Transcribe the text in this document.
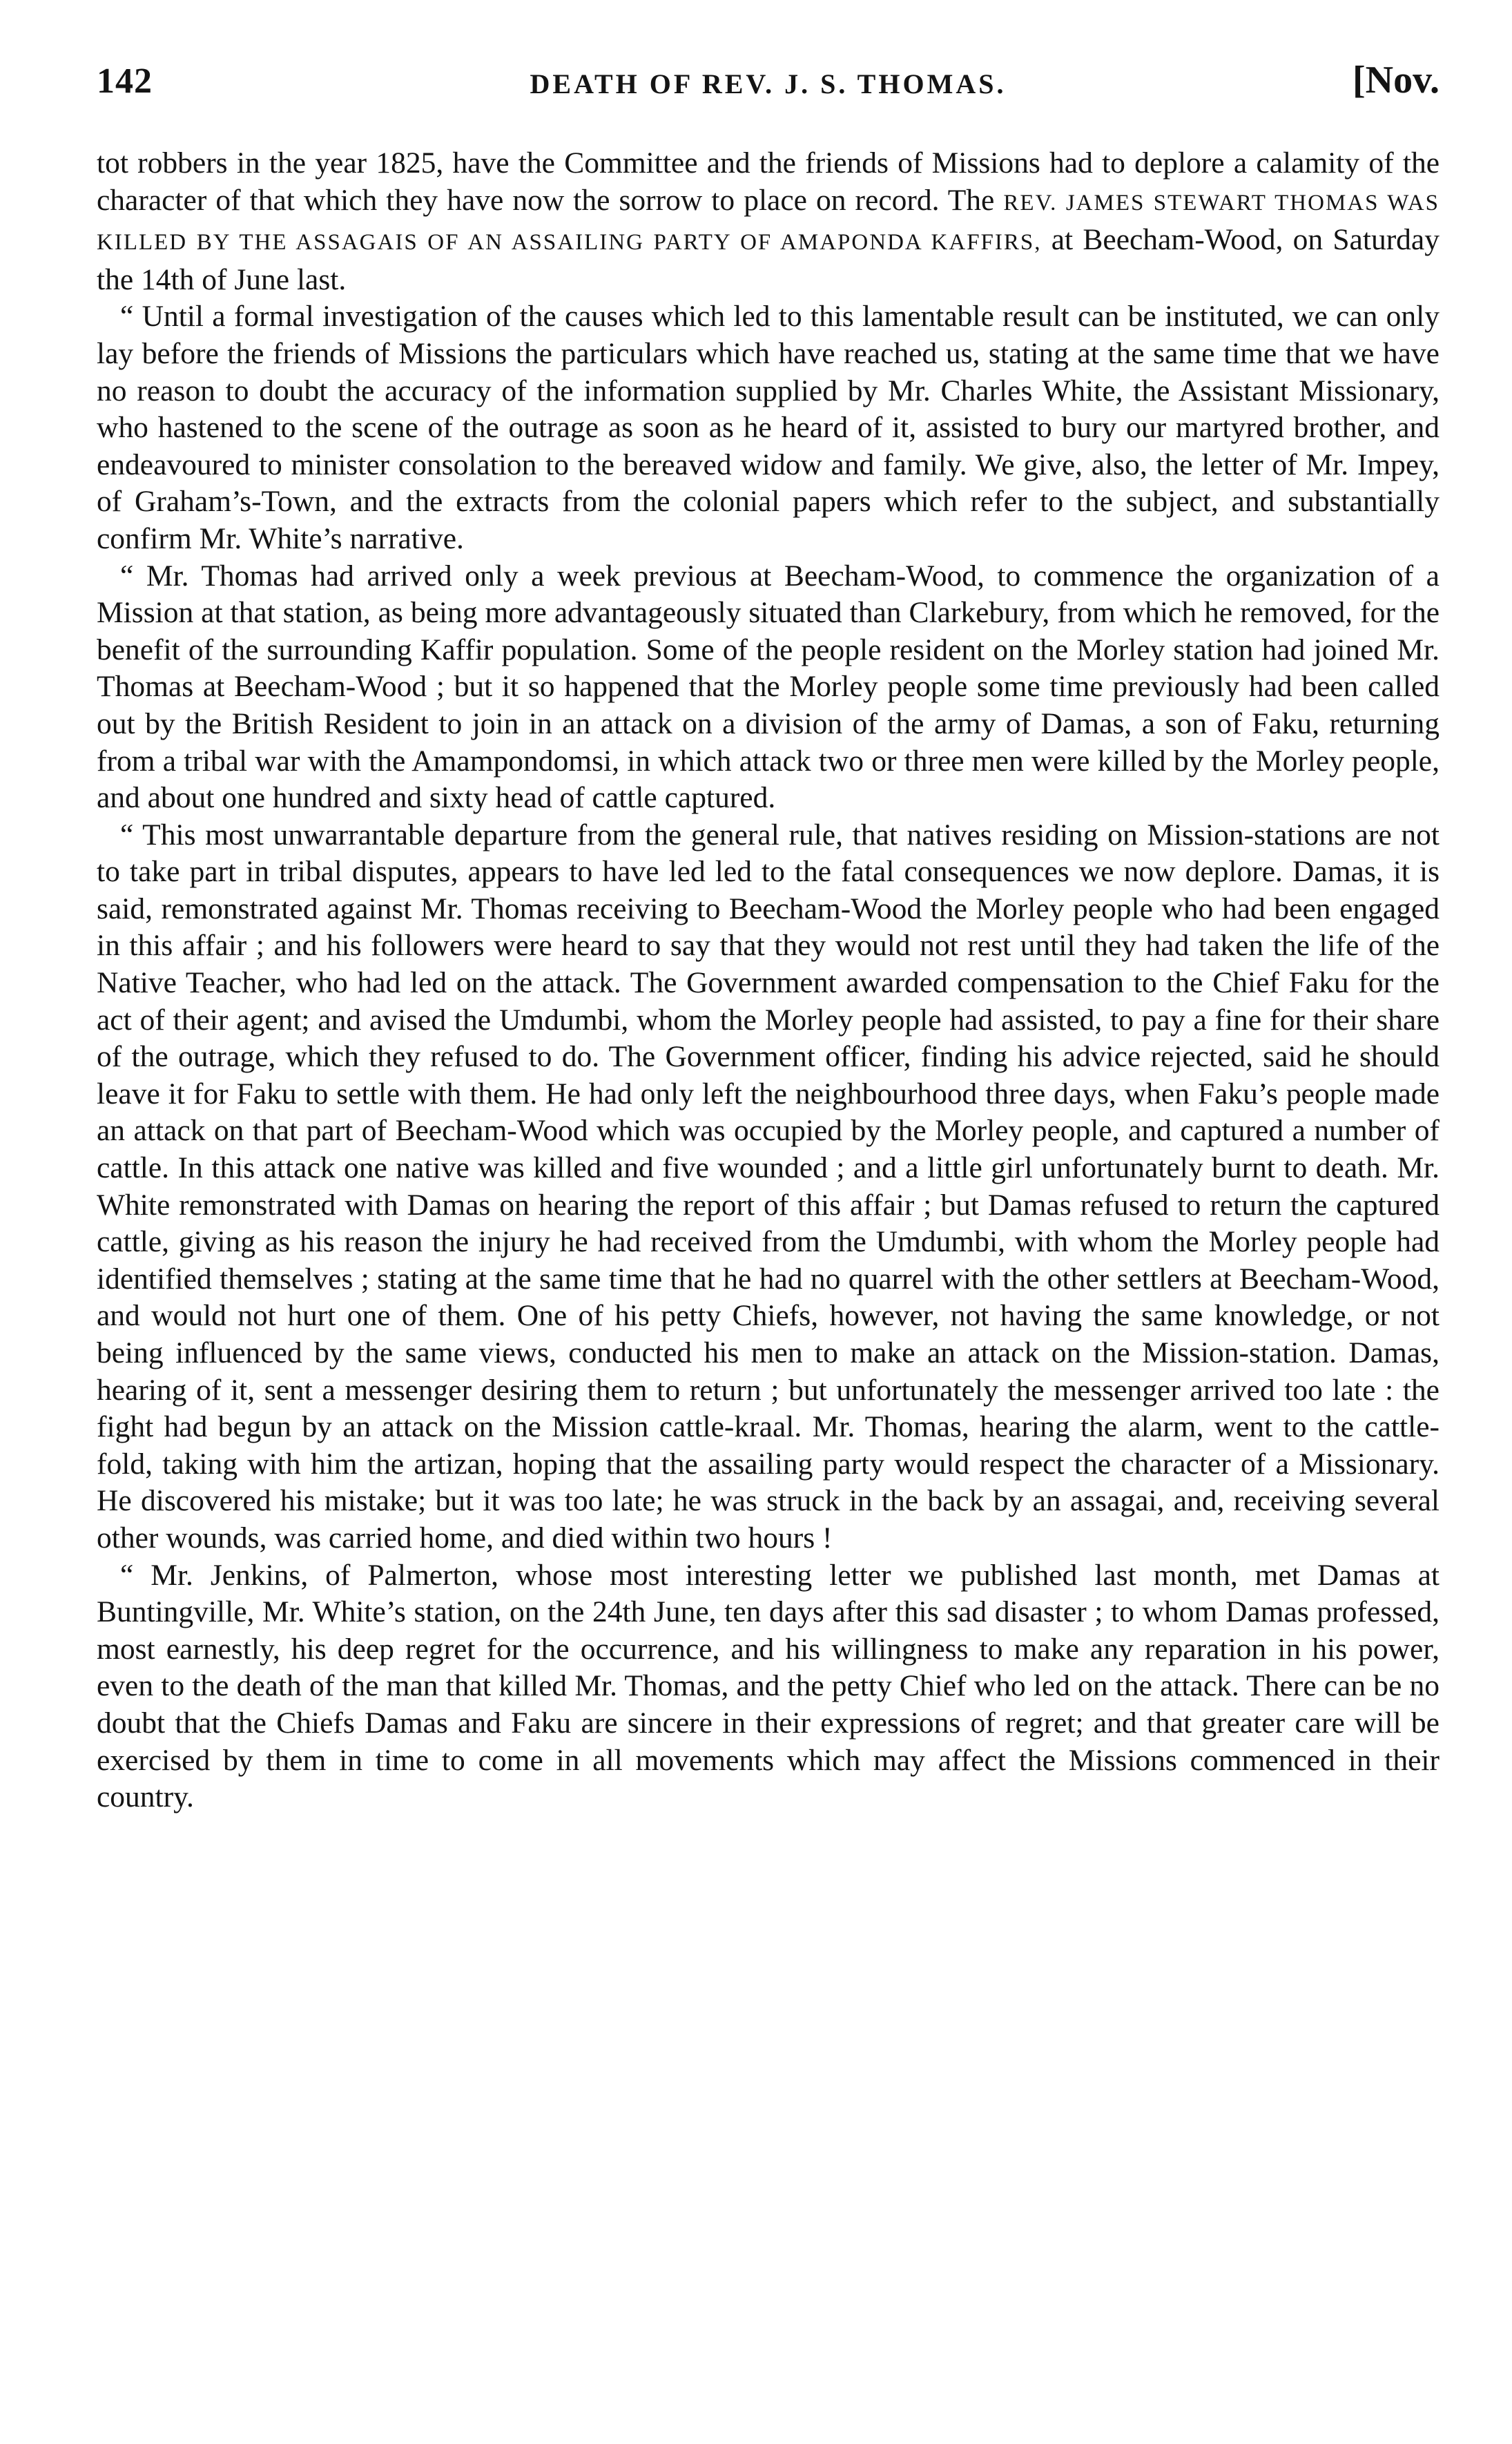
142	DEATH OF REV. J. S. THOMAS.	[Nov.

tot robbers in the year 1825, have the Committee and the friends of Missions had to deplore a calamity of the character of that which they have now the sorrow to place on record. The REV. JAMES STEWART THOMAS WAS KILLED BY THE ASSAGAIS OF AN ASSAILING PARTY OF AMAPONDA KAFFIRS, at Beecham-Wood, on Saturday the 14th of June last.

“ Until a formal investigation of the causes which led to this lamentable result can be instituted, we can only lay before the friends of Missions the particulars which have reached us, stating at the same time that we have no reason to doubt the accuracy of the information supplied by Mr. Charles White, the Assistant Missionary, who hastened to the scene of the outrage as soon as he heard of it, assisted to bury our martyred brother, and endeavoured to minister consolation to the bereaved widow and family. We give, also, the letter of Mr. Impey, of Graham’s-Town, and the extracts from the colonial papers which refer to the subject, and substantially confirm Mr. White’s narrative.

“ Mr. Thomas had arrived only a week previous at Beecham-Wood, to commence the organization of a Mission at that station, as being more advantageously situated than Clarkebury, from which he removed, for the benefit of the surrounding Kaffir population. Some of the people resident on the Morley station had joined Mr. Thomas at Beecham-Wood ; but it so happened that the Morley people some time previously had been called out by the British Resident to join in an attack on a division of the army of Damas, a son of Faku, returning from a tribal war with the Amampondomsi, in which attack two or three men were killed by the Morley people, and about one hundred and sixty head of cattle captured.

“ This most unwarrantable departure from the general rule, that natives residing on Mission-stations are not to take part in tribal disputes, appears to have led led to the fatal consequences we now deplore. Damas, it is said, remonstrated against Mr. Thomas receiving to Beecham-Wood the Morley people who had been engaged in this affair ; and his followers were heard to say that they would not rest until they had taken the life of the Native Teacher, who had led on the attack. The Government awarded compensation to the Chief Faku for the act of their agent; and avised the Umdumbi, whom the Morley people had assisted, to pay a fine for their share of the outrage, which they refused to do. The Government officer, finding his advice rejected, said he should leave it for Faku to settle with them. He had only left the neighbourhood three days, when Faku’s people made an attack on that part of Beecham-Wood which was occupied by the Morley people, and captured a number of cattle. In this attack one native was killed and five wounded ; and a little girl unfortunately burnt to death. Mr. White remonstrated with Damas on hearing the report of this affair ; but Damas refused to return the captured cattle, giving as his reason the injury he had received from the Umdumbi, with whom the Morley people had identified themselves ; stating at the same time that he had no quarrel with the other settlers at Beecham-Wood, and would not hurt one of them. One of his petty Chiefs, however, not having the same knowledge, or not being influenced by the same views, conducted his men to make an attack on the Mission-station. Damas, hearing of it, sent a messenger desiring them to return ; but unfortunately the messenger arrived too late : the fight had begun by an attack on the Mission cattle-kraal. Mr. Thomas, hearing the alarm, went to the cattle-fold, taking with him the artizan, hoping that the assailing party would respect the character of a Missionary. He discovered his mistake; but it was too late; he was struck in the back by an assagai, and, receiving several other wounds, was carried home, and died within two hours !

“ Mr. Jenkins, of Palmerton, whose most interesting letter we published last month, met Damas at Buntingville, Mr. White’s station, on the 24th June, ten days after this sad disaster ; to whom Damas professed, most earnestly, his deep regret for the occurrence, and his willingness to make any reparation in his power, even to the death of the man that killed Mr. Thomas, and the petty Chief who led on the attack. There can be no doubt that the Chiefs Damas and Faku are sincere in their expressions of regret; and that greater care will be exercised by them in time to come in all movements which may affect the Missions commenced in their country.
